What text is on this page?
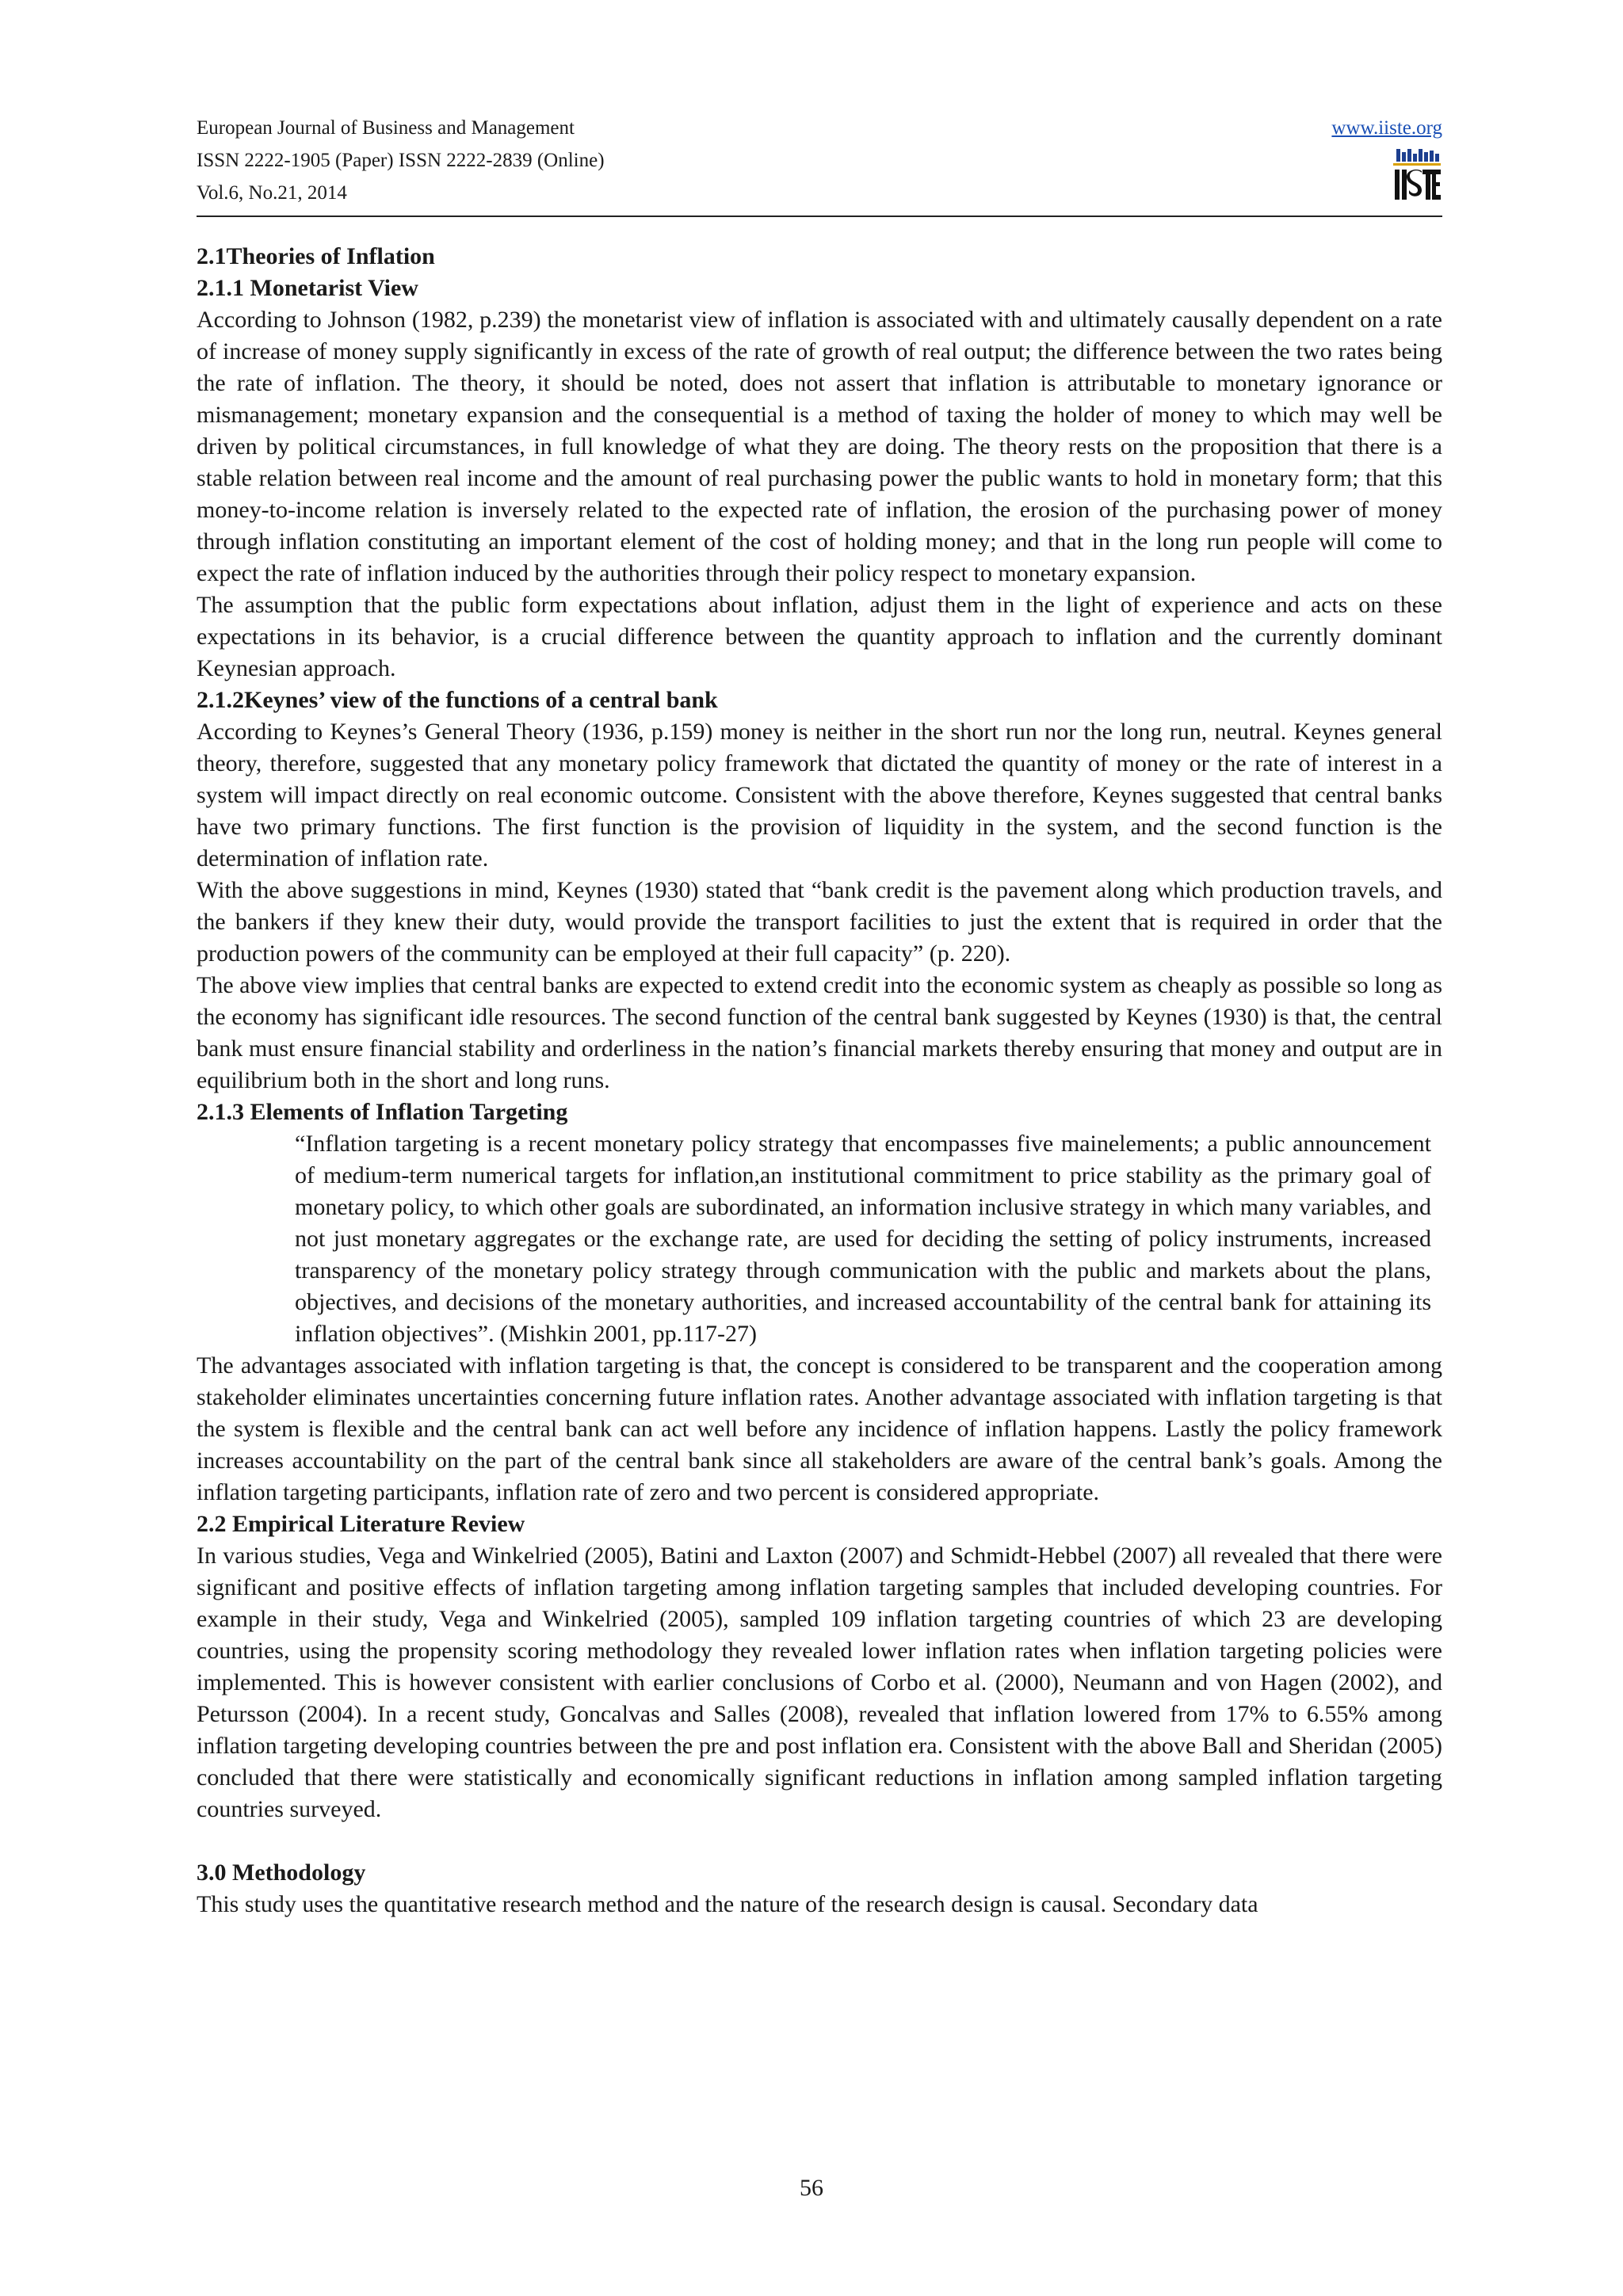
European Journal of Business and Management
ISSN 2222-1905 (Paper) ISSN 2222-2839 (Online)
Vol.6, No.21, 2014
www.iiste.org
2.1Theories of Inflation
2.1.1 Monetarist View

According to Johnson (1982, p.239) the monetarist view of inflation is associated with and ultimately causally dependent on a rate of increase of money supply significantly in excess of the rate of growth of real output; the difference between the two rates being the rate of inflation. The theory, it should be noted, does not assert that inflation is attributable to monetary ignorance or mismanagement; monetary expansion and the consequential is a method of taxing the holder of money to which may well be driven by political circumstances, in full knowledge of what they are doing. The theory rests on the proposition that there is a stable relation between real income and the amount of real purchasing power the public wants to hold in monetary form; that this money-to-income relation is inversely related to the expected rate of inflation, the erosion of the purchasing power of money through inflation constituting an important element of the cost of holding money; and that in the long run people will come to expect the rate of inflation induced by the authorities through their policy respect to monetary expansion.

The assumption that the public form expectations about inflation, adjust them in the light of experience and acts on these expectations in its behavior, is a crucial difference between the quantity approach to inflation and the currently dominant Keynesian approach.

2.1.2Keynes’ view of the functions of a central bank

According to Keynes’s General Theory (1936, p.159) money is neither in the short run nor the long run, neutral. Keynes general theory, therefore, suggested that any monetary policy framework that dictated the quantity of money or the rate of interest in a system will impact directly on real economic outcome. Consistent with the above therefore, Keynes suggested that central banks have two primary functions. The first function is the provision of liquidity in the system, and the second function is the determination of inflation rate.

With the above suggestions in mind, Keynes (1930) stated that “bank credit is the pavement along which production travels, and the bankers if they knew their duty, would provide the transport facilities to just the extent that is required in order that the production powers of the community can be employed at their full capacity” (p. 220).

The above view implies that central banks are expected to extend credit into the economic system as cheaply as possible so long as the economy has significant idle resources. The second function of the central bank suggested by Keynes (1930) is that, the central bank must ensure financial stability and orderliness in the nation’s financial markets thereby ensuring that money and output are in equilibrium both in the short and long runs.

2.1.3 Elements of Inflation Targeting

“Inflation targeting is a recent monetary policy strategy that encompasses five mainelements; a public announcement of medium-term numerical targets for inflation,an institutional commitment to price stability as the primary goal of monetary policy, to which other goals are subordinated, an information inclusive strategy in which many variables, and not just monetary aggregates or the exchange rate, are used for deciding the setting of policy instruments, increased transparency of the monetary policy strategy through communication with the public and markets about the plans, objectives, and decisions of the monetary authorities, and increased accountability of the central bank for attaining its inflation objectives”. (Mishkin 2001, pp.117-27)

The advantages associated with inflation targeting is that, the concept is considered to be transparent and the cooperation among stakeholder eliminates uncertainties concerning future inflation rates. Another advantage associated with inflation targeting is that the system is flexible and the central bank can act well before any incidence of inflation happens. Lastly the policy framework increases accountability on the part of the central bank since all stakeholders are aware of the central bank’s goals. Among the inflation targeting participants, inflation rate of zero and two percent is considered appropriate.

2.2 Empirical Literature Review

In various studies, Vega and Winkelried (2005), Batini and Laxton (2007) and Schmidt-Hebbel (2007) all revealed that there were significant and positive effects of inflation targeting among inflation targeting samples that included developing countries. For example in their study, Vega and Winkelried (2005), sampled 109 inflation targeting countries of which 23 are developing countries, using the propensity scoring methodology they revealed lower inflation rates when inflation targeting policies were implemented. This is however consistent with earlier conclusions of Corbo et al. (2000), Neumann and von Hagen (2002), and Petursson (2004). In a recent study, Goncalvas and Salles (2008), revealed that inflation lowered from 17% to 6.55% among inflation targeting developing countries between the pre and post inflation era. Consistent with the above Ball and Sheridan (2005) concluded that there were statistically and economically significant reductions in inflation among sampled inflation targeting countries surveyed.

3.0 Methodology

This study uses the quantitative research method and the nature of the research design is causal. Secondary data

56
